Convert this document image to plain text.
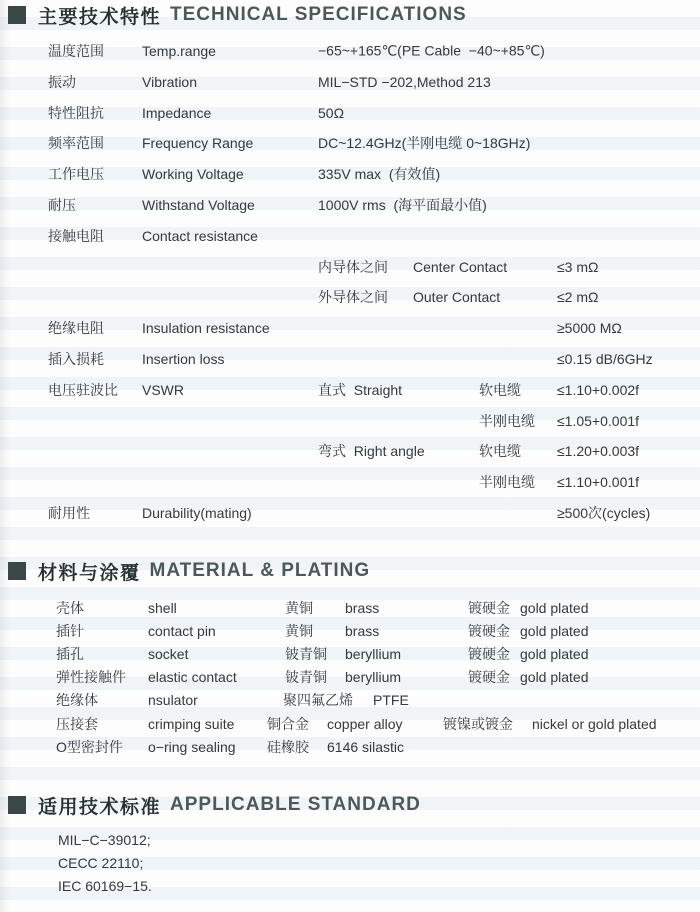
主要技术特性 TECHNICAL SPECIFICATIONS
温度范围	Temp.range	−65~+165℃(PE Cable  −40~+85℃)
振动	Vibration	MIL−STD −202,Method 213
特性阻抗	Impedance	50Ω
频率范围	Frequency Range	DC~12.4GHz(半刚电缆 0~18GHz)
工作电压	Working Voltage	335V max  (有效值)
耐压	Withstand Voltage	1000V rms  (海平面最小值)
接触电阻	Contact resistance
内导体之间 Center Contact	≤3 mΩ
外导体之间 Outer Contact	≤2 mΩ
绝缘电阻	Insulation resistance	≥5000 MΩ
插入损耗	Insertion loss	≤0.15 dB/6GHz
电压驻波比 VSWR	直式  Straight	软电缆	≤1.10+0.002f
半刚电缆 ≤1.05+0.001f
弯式  Right angle	软电缆	≤1.20+0.003f
半刚电缆 ≤1.10+0.001f
耐用性	Durability(mating)	≥500次(cycles)
材料与涂覆 MATERIAL & PLATING
壳体	shell	黄铜 brass	镀硬金 gold plated
插针	contact pin	黄铜 brass	镀硬金 gold plated
插孔	socket	铍青铜 beryllium	镀硬金 gold plated
弹性接触件 elastic contact	铍青铜 beryllium	镀硬金 gold plated
绝缘体	nsulator	聚四氟乙烯 PTFE
压接套	crimping suite 铜合金 copper alloy	镀镍或镀金 nickel or gold plated
O型密封件 o−ring sealing 硅橡胶 6146 silastic
适用技术标准 APPLICABLE STANDARD
MIL−C−39012;
CECC 22110;
IEC 60169−15.
